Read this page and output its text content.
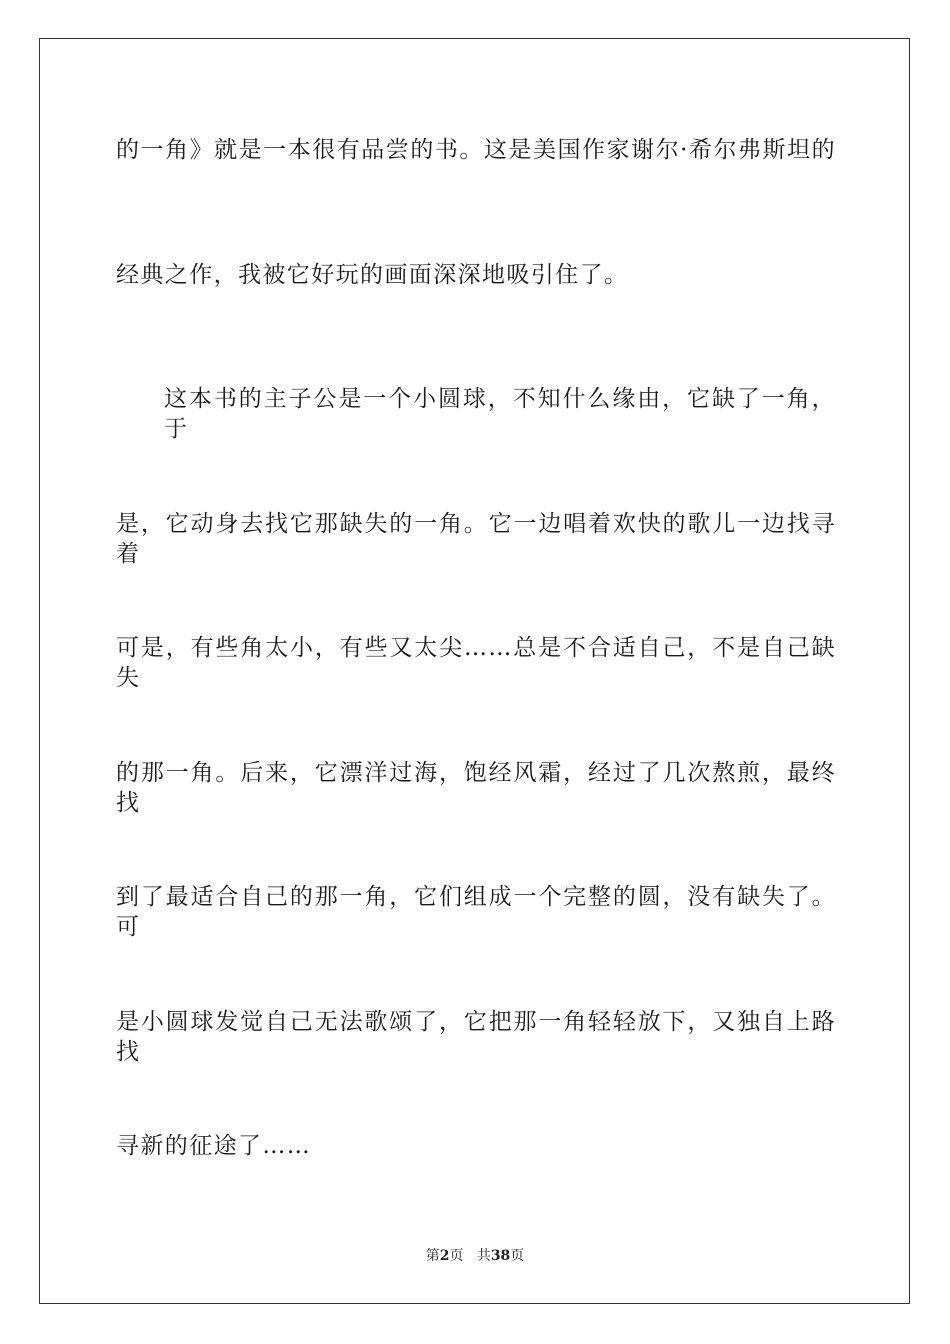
的一角》就是一本很有品尝的书。这是美国作家谢尔·希尔弗斯坦的
经典之作，我被它好玩的画面深深地吸引住了。
这本书的主子公是一个小圆球，不知什么缘由，它缺了一角，于
是，它动身去找它那缺失的一角。它一边唱着欢快的歌儿一边找寻着
可是，有些角太小，有些又太尖……总是不合适自己，不是自己缺失
的那一角。后来，它漂洋过海，饱经风霜，经过了几次熬煎，最终找
到了最适合自己的那一角，它们组成一个完整的圆，没有缺失了。可
是小圆球发觉自己无法歌颂了，它把那一角轻轻放下，又独自上路找
寻新的征途了……
第2页 共38页
